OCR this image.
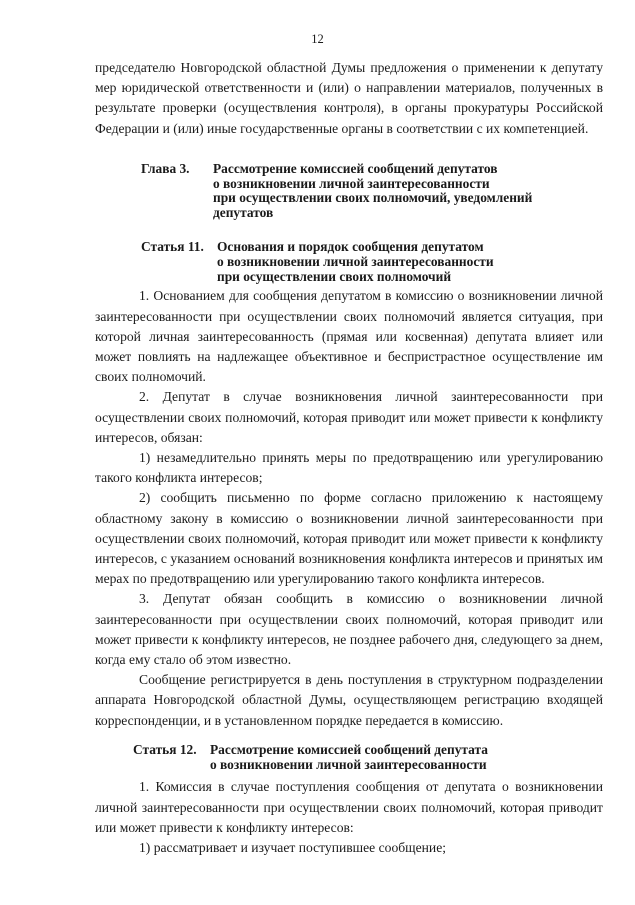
12

председателю Новгородской областной Думы предложения о применении к депутату мер юридической ответственности и (или) о направлении материалов, полученных в результате проверки (осуществления контроля), в органы прокуратуры Российской Федерации и (или) иные государственные органы в соответствии с их компетенцией.

Глава 3. Рассмотрение комиссией сообщений депутатов
о возникновении личной заинтересованности
при осуществлении своих полномочий, уведомлений
депутатов
Статья 11. Основания и порядок сообщения депутатом
о возникновении личной заинтересованности
при осуществлении своих полномочий

1. Основанием для сообщения депутатом в комиссию о возникновении личной заинтересованности при осуществлении своих полномочий является ситуация, при которой личная заинтересованность (прямая или косвенная) депутата влияет или может повлиять на надлежащее объективное и беспристрастное осуществление им своих полномочий.

2. Депутат в случае возникновения личной заинтересованности при осуществлении своих полномочий, которая приводит или может привести к конфликту интересов, обязан:

1) незамедлительно принять меры по предотвращению или урегулированию такого конфликта интересов;

2) сообщить письменно по форме согласно приложению к настоящему областному закону в комиссию о возникновении личной заинтересованности при осуществлении своих полномочий, которая приводит или может привести к конфликту интересов, с указанием оснований возникновения конфликта интересов и принятых им мерах по предотвращению или урегулированию такого конфликта интересов.

3. Депутат обязан сообщить в комиссию о возникновении личной заинтересованности при осуществлении своих полномочий, которая приводит или может привести к конфликту интересов, не позднее рабочего дня, следующего за днем, когда ему стало об этом известно.

Сообщение регистрируется в день поступления в структурном подразделении аппарата Новгородской областной Думы, осуществляющем регистрацию входящей корреспонденции, и в установленном порядке передается в комиссию.

Статья 12. Рассмотрение комиссией сообщений депутата
о возникновении личной заинтересованности

1. Комиссия в случае поступления сообщения от депутата о возникновении личной заинтересованности при осуществлении своих полномочий, которая приводит или может привести к конфликту интересов:

1) рассматривает и изучает поступившее сообщение;
